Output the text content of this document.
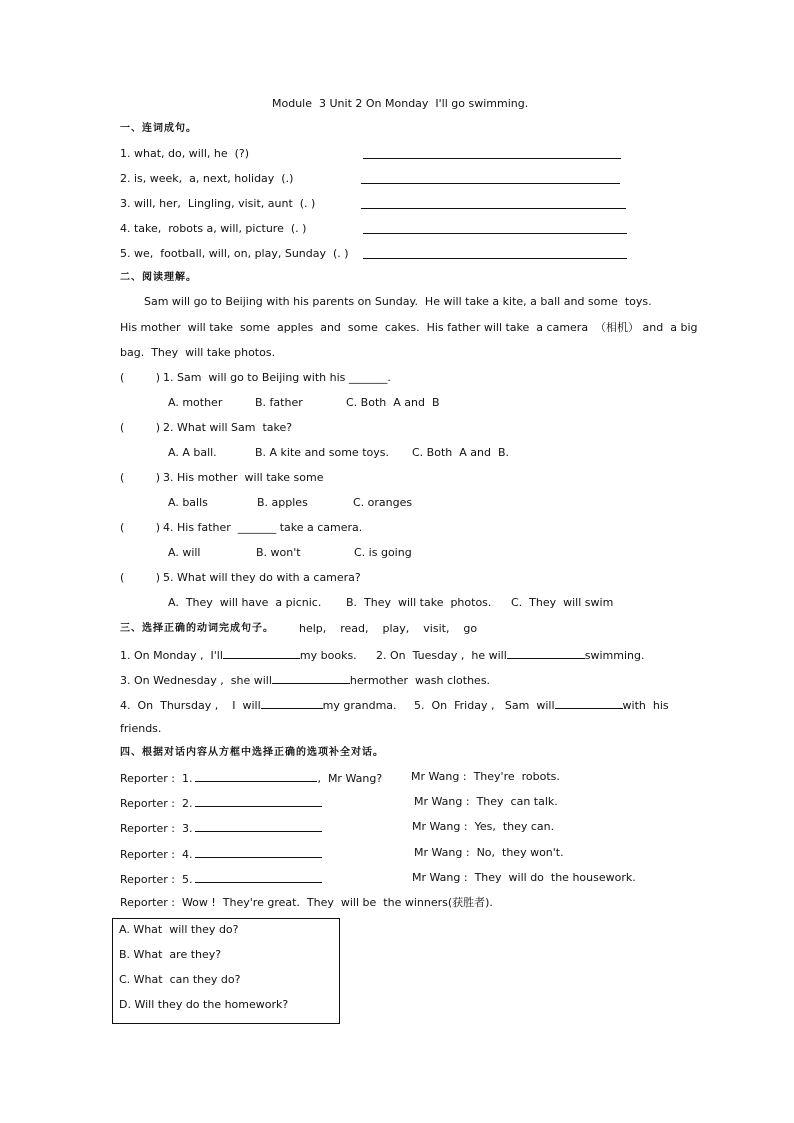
Module  3 Unit 2 On Monday  I'll go swimming.
一、连词成句。
1. what, do, will, he  (?)
2. is, week,  a, next, holiday  (.)
3. will, her,  Lingling, visit, aunt  (. )
4. take,  robots a, will, picture  (. )
5. we,  football, will, on, play, Sunday  (. )
二、阅读理解。
Sam will go to Beijing with his parents on Sunday.  He will take a kite, a ball and some  toys.
His mother  will take  some  apples  and  some  cakes.  His father will take  a camera  （相机） and  a big
bag.  They  will take photos.
(         ) 1. Sam  will go to Beijing with his _______.
A. mother	B. father	C. Both  A and  B
(         ) 2. What will Sam  take?
A. A ball.	B. A kite and some toys. C. Both  A and  B.
(         ) 3. His mother  will take some
A. balls	B. apples	C. oranges
(         ) 4. His father  _______ take a camera.
A. will	B. won't	C. is going
(         ) 5. What will they do with a camera?
A.  They  will have  a picnic. B.  They  will take  photos. C.  They  will swim
三、选择正确的动词完成句子。 help,    read,    play,    visit,    go
1. On Monday ,  I'll	my books. 2. On  Tuesday ,  he will	swimming.
3. On Wednesday ,  she will	hermother  wash clothes.
4.  On  Thursday ,    I  will	my grandma. 5.  On  Friday ,   Sam  will	with  his
friends.
四、根据对话内容从方框中选择正确的选项补全对话。
Reporter :  1.	,  Mr Wang?	Mr Wang :  They're  robots.
Reporter :  2.	Mr Wang :  They  can talk.
Reporter :  3.	Mr Wang :  Yes,  they can.
Reporter :  4.	Mr Wang :  No,  they won't.
Reporter :  5.	Mr Wang :  They  will do  the housework.
Reporter :  Wow !  They're great.  They  will be  the winners(获胜者).
A. What  will they do?
B. What  are they?
C. What  can they do?
D. Will they do the homework?
